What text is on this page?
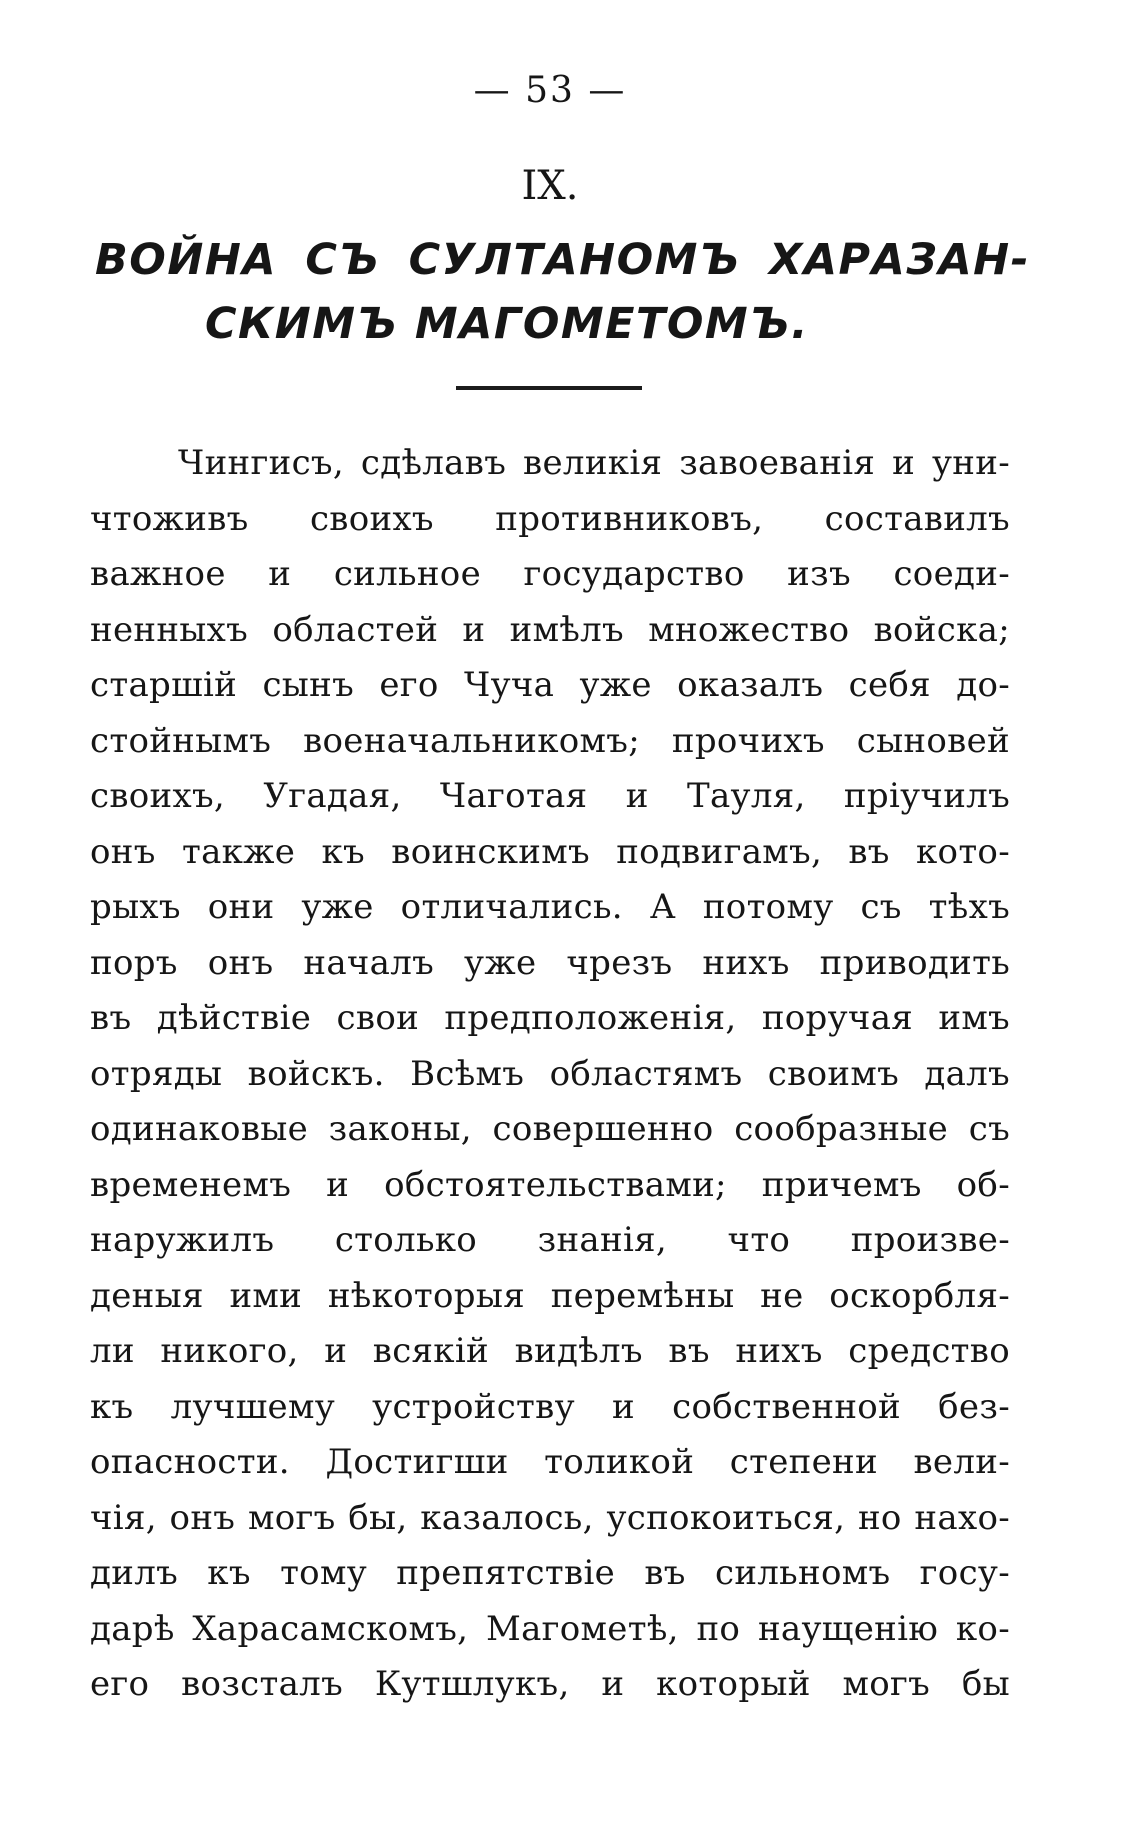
— 53 —
IX.
ВОЙНА СЪ СУЛТАНОМЪ ХАРАЗАН-
СКИМЪ МАГОМЕТОМЪ.
Чингисъ, сдѣлавъ великія завоеванія и уни-
чтоживъ своихъ противниковъ, составилъ
важное и сильное государство изъ соеди-
ненныхъ областей и имѣлъ множество войска;
старшій сынъ его Чуча уже оказалъ себя до-
стойнымъ военачальникомъ; прочихъ сыновей
своихъ, Угадая, Чаготая и Тауля, пріучилъ
онъ также къ воинскимъ подвигамъ, въ кото-
рыхъ они уже отличались. А потому съ тѣхъ
поръ онъ началъ уже чрезъ нихъ приводить
въ дѣйствіе свои предположенія, поручая имъ
отряды войскъ. Всѣмъ областямъ своимъ далъ
одинаковые законы, совершенно сообразные съ
временемъ и обстоятельствами; причемъ об-
наружилъ столько знанія, что произве-
деныя ими нѣкоторыя перемѣны не оскорбля-
ли никого, и всякій видѣлъ въ нихъ средство
къ лучшему устройству и собственной без-
опасности. Достигши толикой степени вели-
чія, онъ могъ бы, казалось, успокоиться, но нахо-
дилъ къ тому препятствіе въ сильномъ госу-
дарѣ Харасамскомъ, Магометѣ, по наущенію ко-
его возсталъ Кутшлукъ, и который могъ бы
